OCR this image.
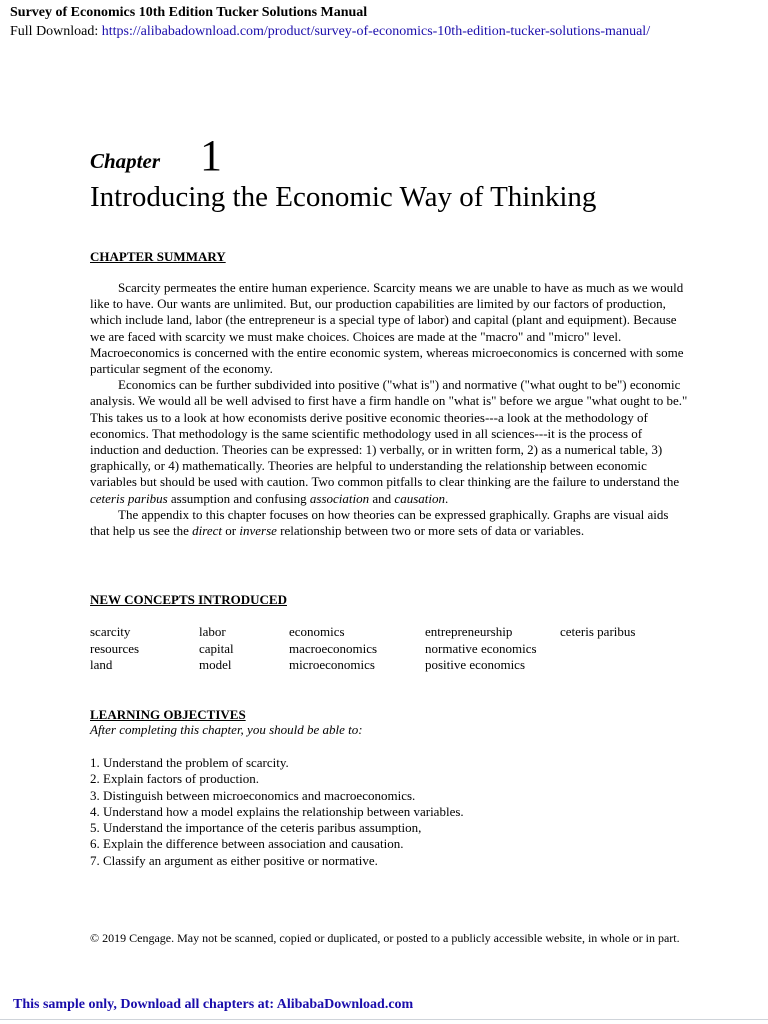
Survey of Economics 10th Edition Tucker Solutions Manual
Full Download: https://alibabadownload.com/product/survey-of-economics-10th-edition-tucker-solutions-manual/
Chapter 1
Introducing the Economic Way of Thinking
CHAPTER SUMMARY

Scarcity permeates the entire human experience. Scarcity means we are unable to have as much as we would like to have. Our wants are unlimited. But, our production capabilities are limited by our factors of production, which include land, labor (the entrepreneur is a special type of labor) and capital (plant and equipment). Because we are faced with scarcity we must make choices. Choices are made at the "macro" and "micro" level. Macroeconomics is concerned with the entire economic system, whereas microeconomics is concerned with some particular segment of the economy.

Economics can be further subdivided into positive ("what is") and normative ("what ought to be") economic analysis. We would all be well advised to first have a firm handle on "what is" before we argue "what ought to be." This takes us to a look at how economists derive positive economic theories---a look at the methodology of economics. That methodology is the same scientific methodology used in all sciences---it is the process of induction and deduction. Theories can be expressed: 1) verbally, or in written form, 2) as a numerical table, 3) graphically, or 4) mathematically. Theories are helpful to understanding the relationship between economic variables but should be used with caution. Two common pitfalls to clear thinking are the failure to understand the ceteris paribus assumption and confusing association and causation.

The appendix to this chapter focuses on how theories can be expressed graphically. Graphs are visual aids that help us see the direct or inverse relationship between two or more sets of data or variables.

NEW CONCEPTS INTRODUCED
scarcity
resources
land
labor
capital
model
economics
macroeconomics
microeconomics
entrepreneurship
normative economics
positive economics
ceteris paribus
LEARNING OBJECTIVES
After completing this chapter, you should be able to:
1. Understand the problem of scarcity.
2. Explain factors of production.
3. Distinguish between microeconomics and macroeconomics.
4. Understand how a model explains the relationship between variables.
5. Understand the importance of the ceteris paribus assumption,
6. Explain the difference between association and causation.
7. Classify an argument as either positive or normative.
© 2019 Cengage. May not be scanned, copied or duplicated, or posted to a publicly accessible website, in whole or in part.
This sample only, Download all chapters at: AlibabaDownload.com
